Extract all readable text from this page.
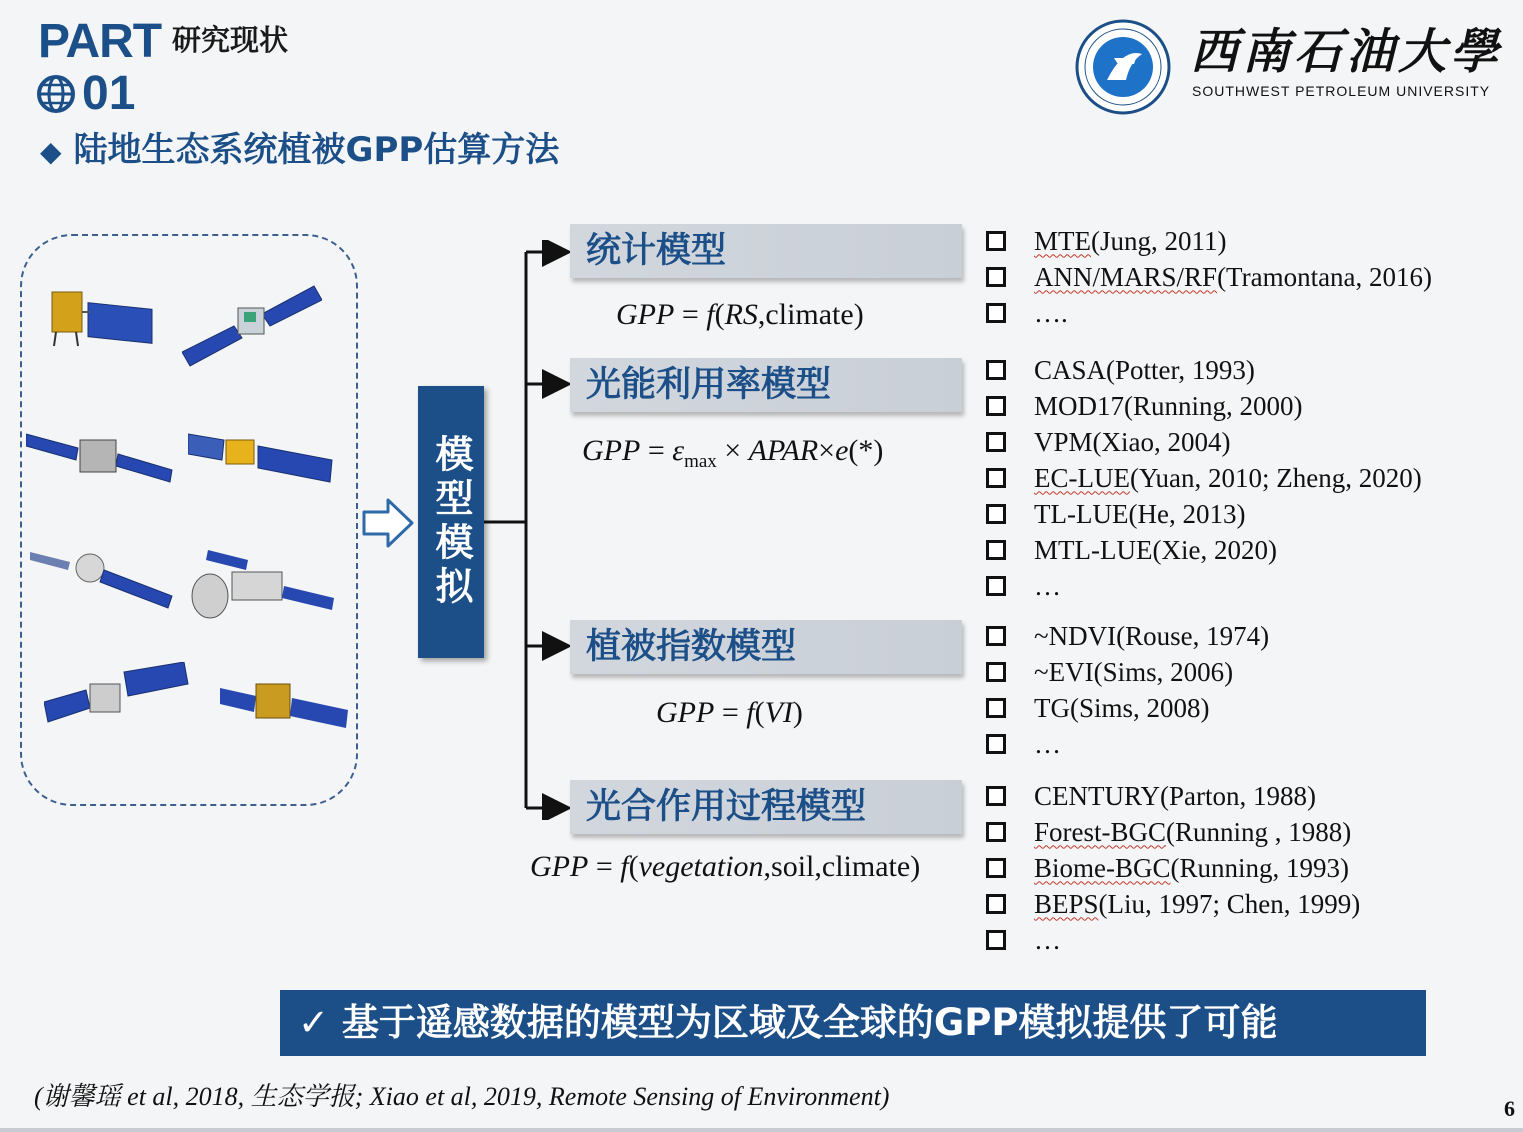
PART
01
研究现状
◆ 陆地生态系统植被GPP估算方法
西南石油大學
SOUTHWEST PETROLEUM UNIVERSITY
模型模拟
统计模型
光能利用率模型
植被指数模型
光合作用过程模型
GPP = f(RS,climate)
GPP = $\varepsilon_{max}$ × APAR×e(*)
GPP = f(VI)
GPP = f(vegetation,soil,climate)
MTE (Jung, 2011)
ANN/MARS/RF (Tramontana, 2016)
….
CASA (Potter, 1993)
MOD17 (Running, 2000)
VPM (Xiao, 2004)
EC-LUE (Yuan, 2010; Zheng, 2020)
TL-LUE (He, 2013)
MTL-LUE (Xie, 2020)
…
~NDVI (Rouse, 1974)
~EVI (Sims, 2006)
TG (Sims, 2008)
…
CENTURY (Parton, 1988)
Forest-BGC (Running , 1988)
Biome-BGC (Running, 1993)
BEPS (Liu, 1997; Chen, 1999)
…
✓ 基于遥感数据的模型为区域及全球的GPP模拟提供了可能
(谢馨瑶 et al, 2018, 生态学报; Xiao et al, 2019, Remote Sensing of Environment)	6
